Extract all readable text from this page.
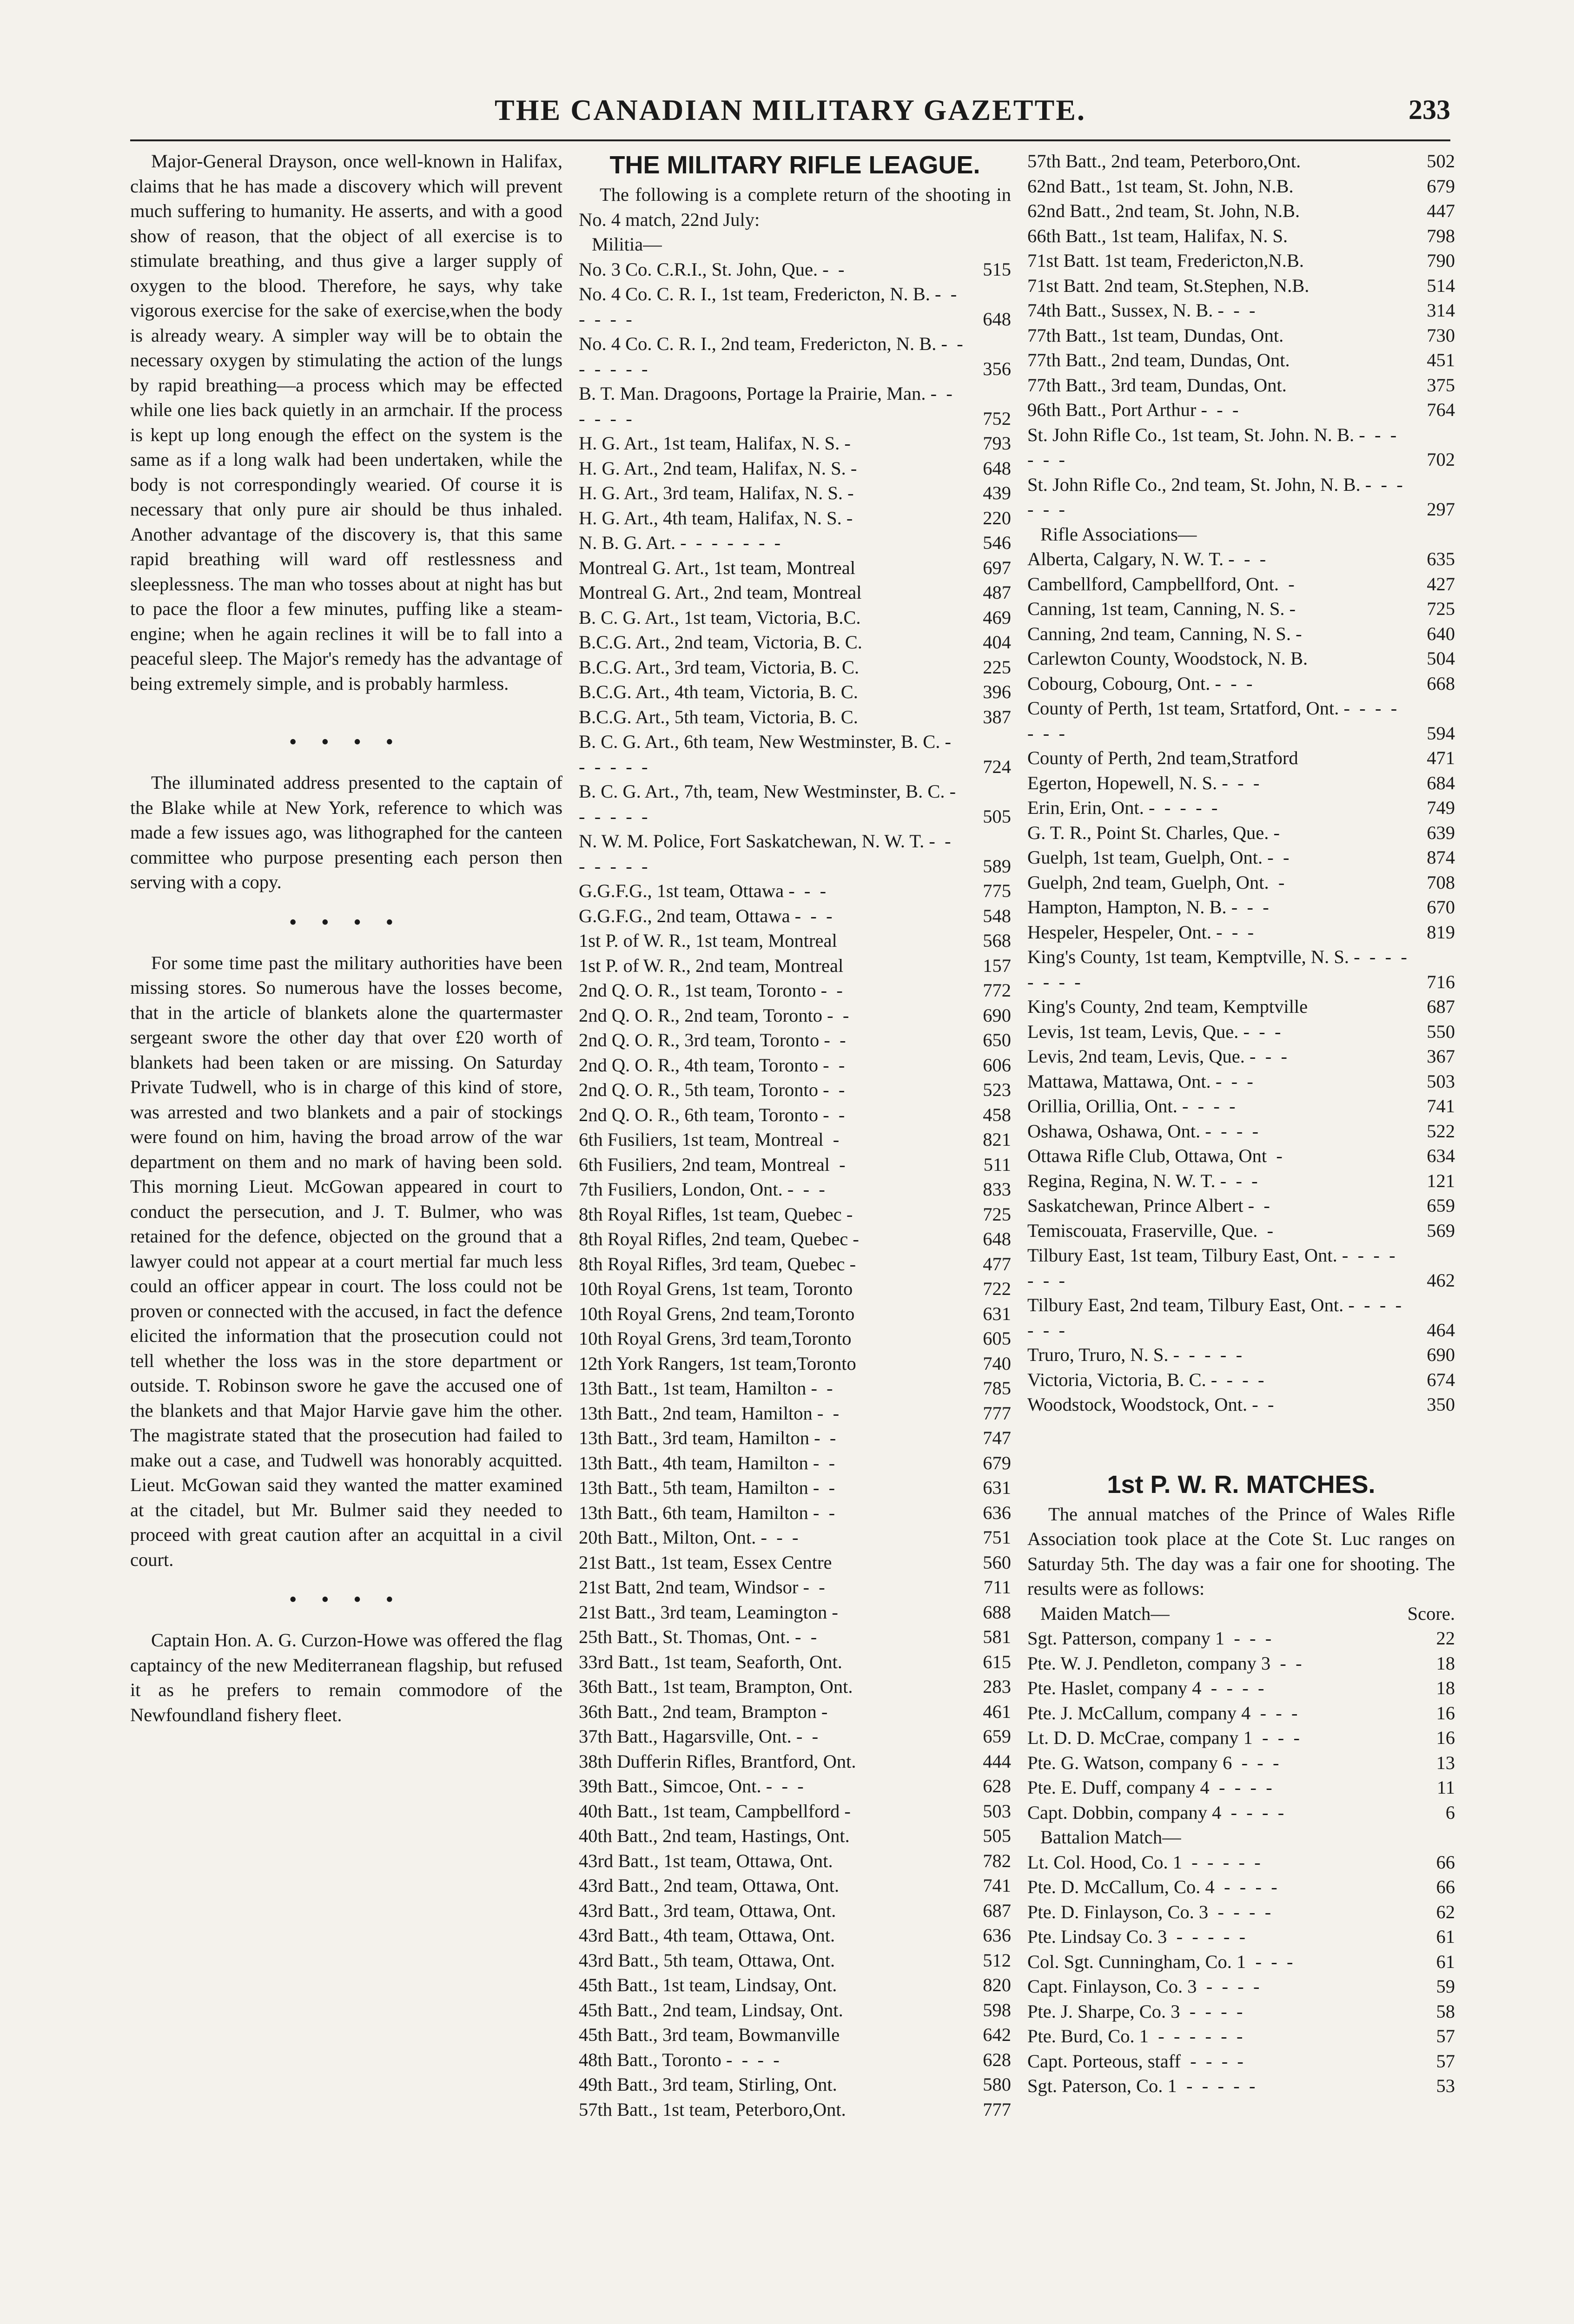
THE CANADIAN MILITARY GAZETTE.	233

Major-General Drayson, once well-known in Halifax, claims that he has made a discovery which will prevent much suffering to humanity. He asserts, and with a good show of reason, that the object of all exercise is to stimulate breathing, and thus give a larger supply of oxygen to the blood. Therefore, he says, why take vigorous exercise for the sake of exercise,when the body is already weary. A simpler way will be to obtain the necessary oxygen by stimulating the action of the lungs by rapid breathing—a process which may be effected while one lies back quietly in an armchair. If the process is kept up long enough the effect on the system is the same as if a long walk had been undertaken, while the body is not correspondingly wearied. Of course it is necessary that only pure air should be thus inhaled. Another advantage of the discovery is, that this same rapid breathing will ward off restlessness and sleeplessness. The man who tosses about at night has but to pace the floor a few minutes, puffing like a steam-engine; when he again reclines it will be to fall into a peaceful sleep. The Major's remedy has the advantage of being extremely simple, and is probably harmless.

• • • •

The illuminated address presented to the captain of the Blake while at New York, reference to which was made a few issues ago, was lithographed for the canteen committee who purpose presenting each person then serving with a copy.

• • • •

For some time past the military authorities have been missing stores. So numerous have the losses become, that in the article of blankets alone the quartermaster sergeant swore the other day that over £20 worth of blankets had been taken or are missing. On Saturday Private Tudwell, who is in charge of this kind of store, was arrested and two blankets and a pair of stockings were found on him, having the broad arrow of the war department on them and no mark of having been sold. This morning Lieut. McGowan appeared in court to conduct the persecution, and J. T. Bulmer, who was retained for the defence, objected on the ground that a lawyer could not appear at a court mertial far much less could an officer appear in court. The loss could not be proven or connected with the accused, in fact the defence elicited the information that the prosecution could not tell whether the loss was in the store department or outside. T. Robinson swore he gave the accused one of the blankets and that Major Harvie gave him the other. The magistrate stated that the prosecution had failed to make out a case, and Tudwell was honorably acquitted. Lieut. McGowan said they wanted the matter examined at the citadel, but Mr. Bulmer said they needed to proceed with great caution after an acquittal in a civil court.

• • • •

Captain Hon. A. G. Curzon-Howe was offered the flag captaincy of the new Mediterranean flagship, but refused it as he prefers to remain commodore of the Newfoundland fishery fleet.

THE MILITARY RIFLE LEAGUE.

The following is a complete return of the shooting in No. 4 match, 22nd July:

Militia—
No. 3 Co. C.R.I., St. John, Que. -  -	515
No. 4 Co. C. R. I., 1st team, Fredericton, N. B. -  -  -  -  -  -	648
No. 4 Co. C. R. I., 2nd team, Fredericton, N. B. -  -  -  -  -  -  -	356
B. T. Man. Dragoons, Portage la Prairie, Man. -  -  -  -  -  -	752
H. G. Art., 1st team, Halifax, N. S. -	793
H. G. Art., 2nd team, Halifax, N. S. -	648
H. G. Art., 3rd team, Halifax, N. S. -	439
H. G. Art., 4th team, Halifax, N. S. -	220
N. B. G. Art. -  -  -  -  -  -  -	546
Montreal G. Art., 1st team, Montreal	697
Montreal G. Art., 2nd team, Montreal	487
B. C. G. Art., 1st team, Victoria, B.C.	469
B.C.G. Art., 2nd team, Victoria, B. C.	404
B.C.G. Art., 3rd team, Victoria, B. C.	225
B.C.G. Art., 4th team, Victoria, B. C.	396
B.C.G. Art., 5th team, Victoria, B. C.	387
B. C. G. Art., 6th team, New Westminster, B. C. -  -  -  -  -  -	724
B. C. G. Art., 7th, team, New Westminster, B. C. -  -  -  -  -  -	505
N. W. M. Police, Fort Saskatchewan, N. W. T. -  -  -  -  -  -  -	589
G.G.F.G., 1st team, Ottawa -  -  -	775
G.G.F.G., 2nd team, Ottawa -  -  -	548
1st P. of W. R., 1st team, Montreal	568
1st P. of W. R., 2nd team, Montreal	157
2nd Q. O. R., 1st team, Toronto -  -	772
2nd Q. O. R., 2nd team, Toronto -  -	690
2nd Q. O. R., 3rd team, Toronto -  -	650
2nd Q. O. R., 4th team, Toronto -  -	606
2nd Q. O. R., 5th team, Toronto -  -	523
2nd Q. O. R., 6th team, Toronto -  -	458
6th Fusiliers, 1st team, Montreal  -	821
6th Fusiliers, 2nd team, Montreal  -	511
7th Fusiliers, London, Ont. -  -  -	833
8th Royal Rifles, 1st team, Quebec -	725
8th Royal Rifles, 2nd team, Quebec -	648
8th Royal Rifles, 3rd team, Quebec -	477
10th Royal Grens, 1st team, Toronto	722
10th Royal Grens, 2nd team,Toronto	631
10th Royal Grens, 3rd team,Toronto	605
12th York Rangers, 1st team,Toronto	740
13th Batt., 1st team, Hamilton -  -	785
13th Batt., 2nd team, Hamilton -  -	777
13th Batt., 3rd team, Hamilton -  -	747
13th Batt., 4th team, Hamilton -  -	679
13th Batt., 5th team, Hamilton -  -	631
13th Batt., 6th team, Hamilton -  -	636
20th Batt., Milton, Ont. -  -  -	751
21st Batt., 1st team, Essex Centre	560
21st Batt, 2nd team, Windsor -  -	711
21st Batt., 3rd team, Leamington -	688
25th Batt., St. Thomas, Ont. -  -	581
33rd Batt., 1st team, Seaforth, Ont.	615
36th Batt., 1st team, Brampton, Ont.	283
36th Batt., 2nd team, Brampton -	461
37th Batt., Hagarsville, Ont. -  -	659
38th Dufferin Rifles, Brantford, Ont.	444
39th Batt., Simcoe, Ont. -  -  -	628
40th Batt., 1st team, Campbellford -	503
40th Batt., 2nd team, Hastings, Ont.	505
43rd Batt., 1st team, Ottawa, Ont.	782
43rd Batt., 2nd team, Ottawa, Ont.	741
43rd Batt., 3rd team, Ottawa, Ont.	687
43rd Batt., 4th team, Ottawa, Ont.	636
43rd Batt., 5th team, Ottawa, Ont.	512
45th Batt., 1st team, Lindsay, Ont.	820
45th Batt., 2nd team, Lindsay, Ont.	598
45th Batt., 3rd team, Bowmanville	642
48th Batt., Toronto -  -  -  -	628
49th Batt., 3rd team, Stirling, Ont.	580
57th Batt., 1st team, Peterboro,Ont.	777
57th Batt., 2nd team, Peterboro,Ont.	502
62nd Batt., 1st team, St. John, N.B.	679
62nd Batt., 2nd team, St. John, N.B.	447
66th Batt., 1st team, Halifax, N. S.	798
71st Batt. 1st team, Fredericton,N.B.	790
71st Batt. 2nd team, St.Stephen, N.B.	514
74th Batt., Sussex, N. B. -  -  -	314
77th Batt., 1st team, Dundas, Ont.	730
77th Batt., 2nd team, Dundas, Ont.	451
77th Batt., 3rd team, Dundas, Ont.	375
96th Batt., Port Arthur -  -  -	764
St. John Rifle Co., 1st team, St. John. N. B. -  -  -  -  -  -	702
St. John Rifle Co., 2nd team, St. John, N. B. -  -  -  -  -  -	297
Rifle Associations—
Alberta, Calgary, N. W. T. -  -  -	635
Cambellford, Campbellford, Ont.  -	427
Canning, 1st team, Canning, N. S. -	725
Canning, 2nd team, Canning, N. S. -	640
Carlewton County, Woodstock, N. B.	504
Cobourg, Cobourg, Ont. -  -  -	668
County of Perth, 1st team, Srtatford, Ont. -  -  -  -  -  -  -	594
County of Perth, 2nd team,Stratford	471
Egerton, Hopewell, N. S. -  -  -	684
Erin, Erin, Ont. -  -  -  -  -	749
G. T. R., Point St. Charles, Que. -	639
Guelph, 1st team, Guelph, Ont. -  -	874
Guelph, 2nd team, Guelph, Ont.  -	708
Hampton, Hampton, N. B. -  -  -	670
Hespeler, Hespeler, Ont. -  -  -	819
King's County, 1st team, Kemptville, N. S. -  -  -  -  -  -  -  -	716
King's County, 2nd team, Kemptville	687
Levis, 1st team, Levis, Que. -  -  -	550
Levis, 2nd team, Levis, Que. -  -  -	367
Mattawa, Mattawa, Ont. -  -  -	503
Orillia, Orillia, Ont. -  -  -  -	741
Oshawa, Oshawa, Ont. -  -  -  -	522
Ottawa Rifle Club, Ottawa, Ont  -	634
Regina, Regina, N. W. T. -  -  -	121
Saskatchewan, Prince Albert -  -	659
Temiscouata, Fraserville, Que.  -	569
Tilbury East, 1st team, Tilbury East, Ont. -  -  -  -  -  -  -	462
Tilbury East, 2nd team, Tilbury East, Ont. -  -  -  -  -  -  -	464
Truro, Truro, N. S. -  -  -  -  -	690
Victoria, Victoria, B. C. -  -  -  -	674
Woodstock, Woodstock, Ont. -  -	350
1st P. W. R. MATCHES.

The annual matches of the Prince of Wales Rifle Association took place at the Cote St. Luc ranges on Saturday 5th. The day was a fair one for shooting. The results were as follows:

Maiden Match—	Score.
Sgt. Patterson, company 1  -  -  -	22
Pte. W. J. Pendleton, company 3  -  -	18
Pte. Haslet, company 4  -  -  -  -	18
Pte. J. McCallum, company 4  -  -  -	16
Lt. D. D. McCrae, company 1  -  -  -	16
Pte. G. Watson, company 6  -  -  -	13
Pte. E. Duff, company 4  -  -  -  -	11
Capt. Dobbin, company 4  -  -  -  -	6
Battalion Match—
Lt. Col. Hood, Co. 1  -  -  -  -  -	66
Pte. D. McCallum, Co. 4  -  -  -  -	66
Pte. D. Finlayson, Co. 3  -  -  -  -	62
Pte. Lindsay Co. 3  -  -  -  -  -	61
Col. Sgt. Cunningham, Co. 1  -  -  -	61
Capt. Finlayson, Co. 3  -  -  -  -	59
Pte. J. Sharpe, Co. 3  -  -  -  -	58
Pte. Burd, Co. 1  -  -  -  -  -  -	57
Capt. Porteous, staff  -  -  -  -	57
Sgt. Paterson, Co. 1  -  -  -  -  -	53
